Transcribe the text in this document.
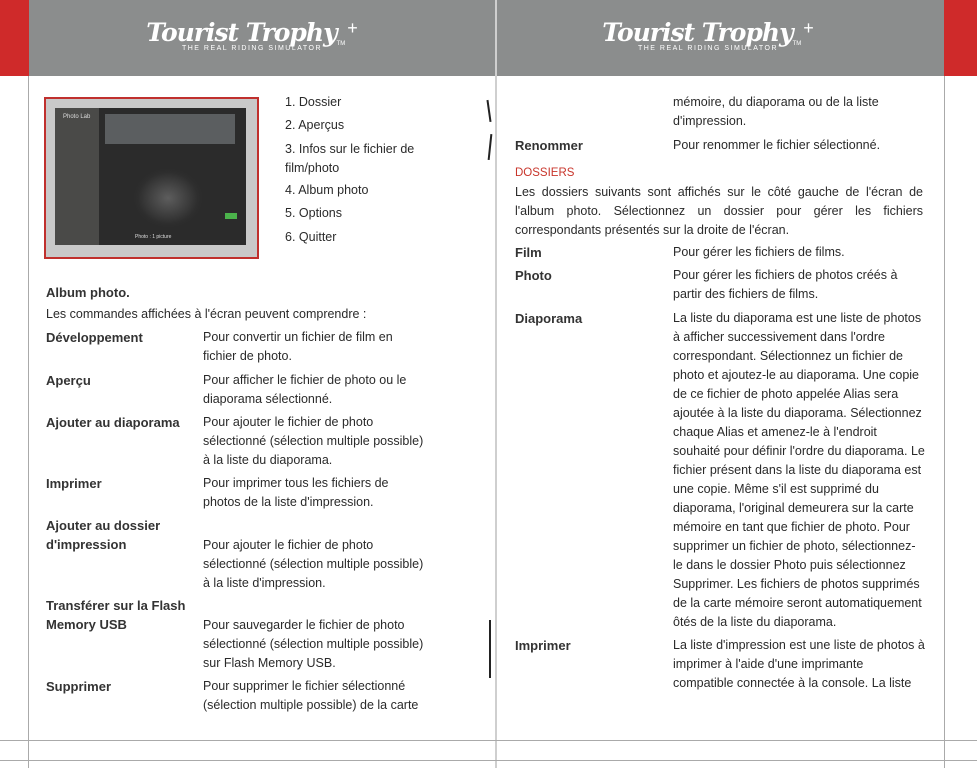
Tourist TrophyTM+
THE REAL RIDING SIMULATOR
Tourist TrophyTM+
THE REAL RIDING SIMULATOR
Photo Lab
Photo : 1 picture
1. Dossier
2. Aperçus
3. Infos sur le fichier de film/photo
4. Album photo
5. Options
6. Quitter
Album photo.
Les commandes affichées à l'écran peuvent comprendre :
Développement	Pour convertir un fichier de film en fichier de photo.
Aperçu	Pour afficher le fichier de photo ou le diaporama sélectionné.
Ajouter au diaporama Pour ajouter le fichier de photo sélectionné (sélection multiple possible) à la liste du diaporama.
Imprimer	Pour imprimer tous les fichiers de photos de la liste d'impression.
Ajouter au dossier d'impression	Pour ajouter le fichier de photo sélectionné (sélection multiple possible) à la liste d'impression.
Transférer sur la Flash Memory USB	Pour sauvegarder le fichier de photo sélectionné (sélection multiple possible) sur Flash Memory USB.
Supprimer	Pour supprimer le fichier sélectionné (sélection multiple possible) de la carte
mémoire, du diaporama ou de la liste d'impression.
Renommer	Pour renommer le fichier sélectionné.
DOSSIERS
Les dossiers suivants sont affichés sur le côté gauche de l'écran de l'album photo. Sélectionnez un dossier pour gérer les fichiers correspondants présentés sur la droite de l'écran.
Film	Pour gérer les fichiers de films.
Photo	Pour gérer les fichiers de photos créés à partir des fichiers de films.
Diaporama	La liste du diaporama est une liste de photos à afficher successivement dans l'ordre correspondant. Sélectionnez un fichier de photo et ajoutez-le au diaporama. Une copie de ce fichier de photo appelée Alias sera ajoutée à la liste du diaporama. Sélectionnez chaque Alias et amenez-le à l'endroit souhaité pour définir l'ordre du diaporama. Le fichier présent dans la liste du diaporama est une copie. Même s'il est supprimé du diaporama, l'original demeurera sur la carte mémoire en tant que fichier de photo. Pour supprimer un fichier de photo, sélectionnez-le dans le dossier Photo puis sélectionnez Supprimer. Les fichiers de photos supprimés de la carte mémoire seront automatiquement ôtés de la liste du diaporama.
Imprimer	La liste d'impression est une liste de photos à imprimer à l'aide d'une imprimante compatible connectée à la console. La liste
